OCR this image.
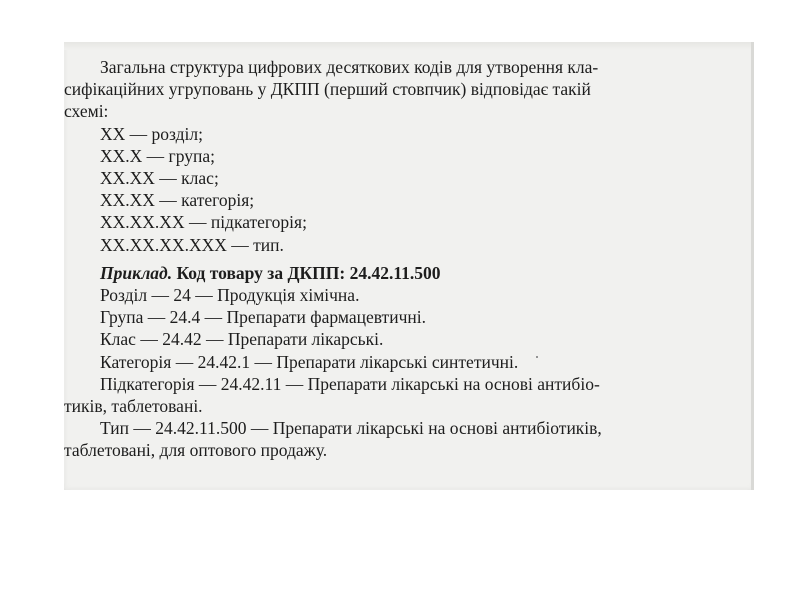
Загальна структура цифрових десяткових кодів для утворення кла-

сифікаційних угруповань у ДКПП (перший стовпчик) відповідає такій

схемі:

XX — розділ;

XX.X — група;

XX.XX — клас;

XX.XX — категорія;

XX.XX.XX — підкатегорія;

XX.XX.XX.XXX — тип.

Приклад. Код товару за ДКПП: 24.42.11.500

Розділ — 24 — Продукція хімічна.

Група — 24.4 — Препарати фармацевтичні.

Клас — 24.42 — Препарати лікарські.

Категорія — 24.42.1 — Препарати лікарські синтетичні.

Підкатегорія — 24.42.11 — Препарати лікарські на основі антибіо-

тиків, таблетовані.

Тип — 24.42.11.500 — Препарати лікарські на основі антибіотиків,

таблетовані, для оптового продажу.
